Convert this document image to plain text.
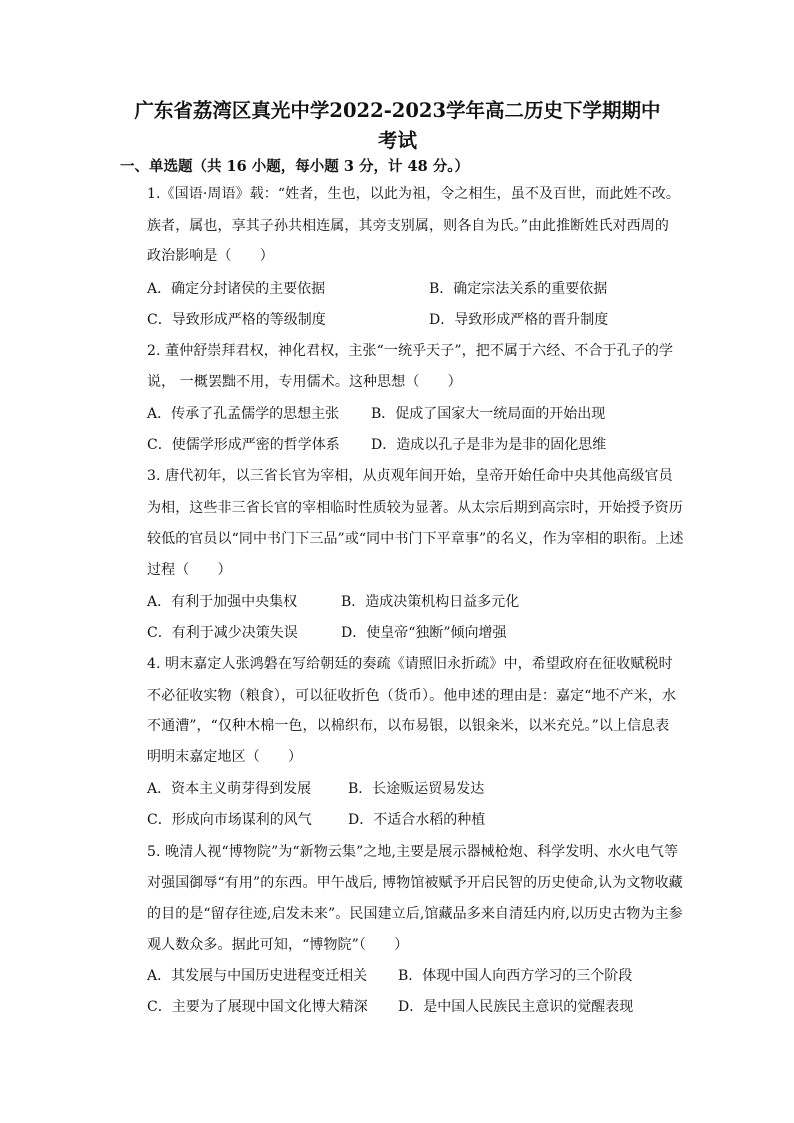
广东省荔湾区真光中学2022-2023学年高二历史下学期期中
考试
一、单选题（共 16 小题，每小题 3 分，计 48 分。）
1.《国语·周语》载：“姓者，生也，以此为祖，令之相生，虽不及百世，而此姓不改。
族者，属也，享其子孙共相连属，其旁支别属，则各自为氏。”由此推断姓氏对西周的
政治影响是（　　）
A．确定分封诸侯的主要依据	B．确定宗法关系的重要依据
C．导致形成严格的等级制度	D．导致形成严格的晋升制度
2. 董仲舒崇拜君权，神化君权，主张“一统乎天子”，把不属于六经、不合于孔子的学
说， 一概罢黜不用，专用儒术。这种思想（　　）
A．传承了孔孟儒学的思想主张 B．促成了国家大一统局面的开始出现
C．使儒学形成严密的哲学体系 D．造成以孔子是非为是非的固化思维
3. 唐代初年，以三省长官为宰相，从贞观年间开始，皇帝开始任命中央其他高级官员
为相，这些非三省长官的宰相临时性质较为显著。从太宗后期到高宗时，开始授予资历
较低的官员以“同中书门下三品”或“同中书门下平章事”的名义，作为宰相的职衔。上述
过程（　　）
A．有利于加强中央集权	B．造成决策机构日益多元化
C．有利于减少决策失误	D．使皇帝“独断”倾向增强
4. 明末嘉定人张鸿磐在写给朝廷的奏疏《请照旧永折疏》中，希望政府在征收赋税时
不必征收实物（粮食），可以征收折色（货币）。他申述的理由是：嘉定“地不产米，水
不通漕”，“仅种木棉一色，以棉织布，以布易银，以银籴米，以米充兑。”以上信息表
明明末嘉定地区（　　）
A．资本主义萌芽得到发展	B．长途贩运贸易发达
C．形成向市场谋利的风气	D．不适合水稻的种植
5. 晚清人视“博物院”为“新物云集”之地,主要是展示器械枪炮、科学发明、水火电气等
对强国御辱“有用”的东西。甲午战后, 博物馆被赋予开启民智的历史使命,认为文物收藏
的目的是“留存往迹,启发未来”。民国建立后,馆藏品多来自清廷内府,以历史古物为主参
观人数众多。据此可知，“博物院”（　　）
A．其发展与中国历史进程变迁相关 B．体现中国人向西方学习的三个阶段
C．主要为了展现中国文化博大精深 D．是中国人民族民主意识的觉醒表现
